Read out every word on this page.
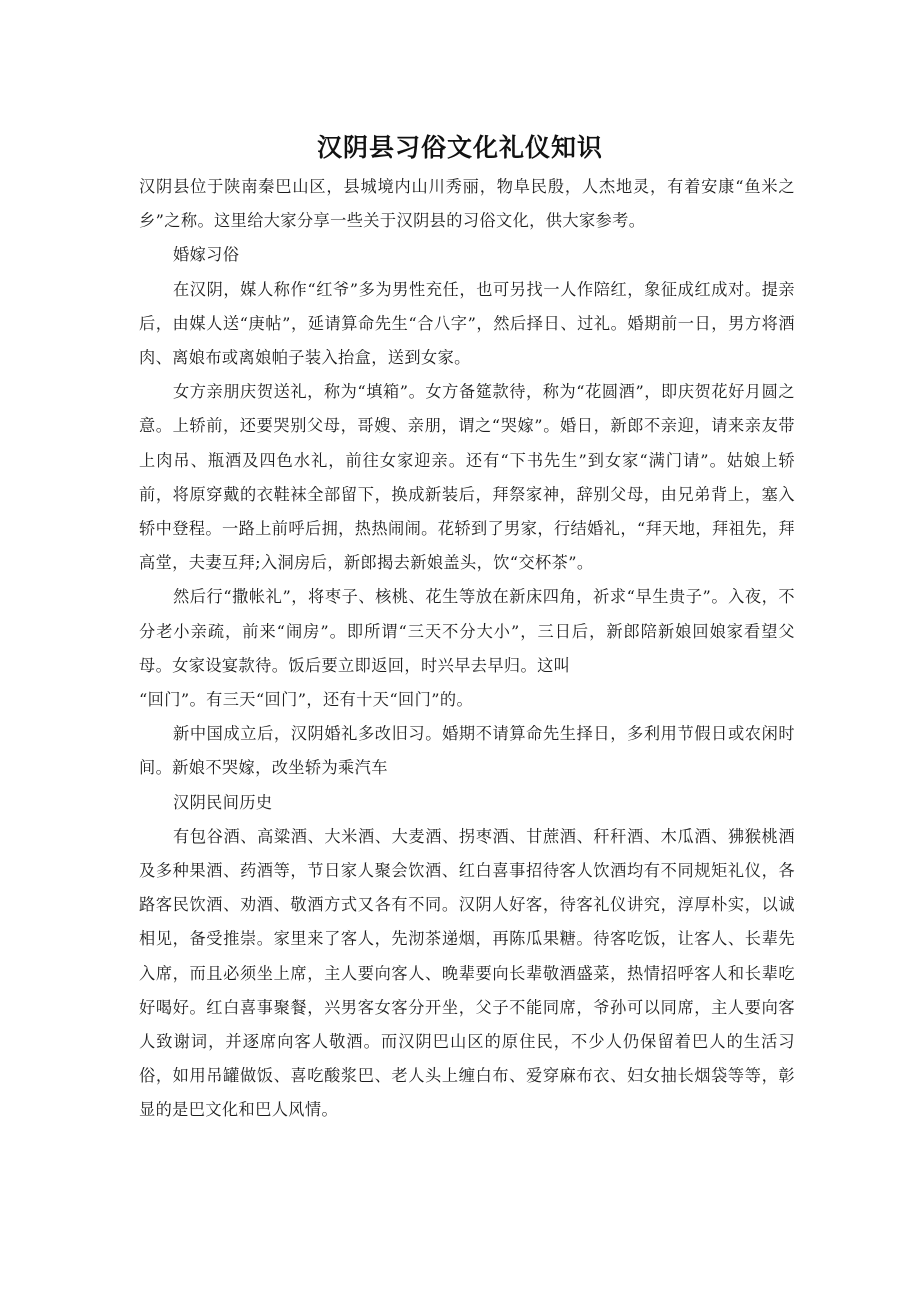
汉阴县习俗文化礼仪知识

汉阴县位于陕南秦巴山区，县城境内山川秀丽，物阜民殷，人杰地灵，有着安康“鱼米之乡”之称。这里给大家分享一些关于汉阴县的习俗文化，供大家参考。

婚嫁习俗

在汉阴，媒人称作“红爷”多为男性充任，也可另找一人作陪红，象征成红成对。提亲后，由媒人送“庚帖”，延请算命先生“合八字”，然后择日、过礼。婚期前一日，男方将酒肉、离娘布或离娘帕子装入抬盒，送到女家。

女方亲朋庆贺送礼，称为“填箱”。女方备筵款待，称为“花圆酒”，即庆贺花好月圆之意。上轿前，还要哭别父母，哥嫂、亲朋，谓之“哭嫁”。婚日，新郎不亲迎，请来亲友带上肉吊、瓶酒及四色水礼，前往女家迎亲。还有“下书先生”到女家“满门请”。姑娘上轿前，将原穿戴的衣鞋袜全部留下，换成新装后，拜祭家神，辞别父母，由兄弟背上，塞入轿中登程。一路上前呼后拥，热热闹闹。花轿到了男家，行结婚礼，“拜天地，拜祖先，拜高堂，夫妻互拜;入洞房后，新郎揭去新娘盖头，饮“交杯茶”。

然后行“撒帐礼”，将枣子、核桃、花生等放在新床四角，祈求“早生贵子”。入夜，不分老小亲疏，前来“闹房”。即所谓“三天不分大小”，三日后，新郎陪新娘回娘家看望父母。女家设宴款待。饭后要立即返回，时兴早去早归。这叫

“回门”。有三天“回门”，还有十天“回门”的。

新中国成立后，汉阴婚礼多改旧习。婚期不请算命先生择日，多利用节假日或农闲时间。新娘不哭嫁，改坐轿为乘汽车

汉阴民间历史

有包谷酒、高粱酒、大米酒、大麦酒、拐枣酒、甘蔗酒、秆秆酒、木瓜酒、狒猴桃酒及多种果酒、药酒等，节日家人聚会饮酒、红白喜事招待客人饮酒均有不同规矩礼仪，各路客民饮酒、劝酒、敬酒方式又各有不同。汉阴人好客，待客礼仪讲究，淳厚朴实，以诚相见，备受推崇。家里来了客人，先沏茶递烟，再陈瓜果糖。待客吃饭，让客人、长辈先入席，而且必须坐上席，主人要向客人、晚辈要向长辈敬酒盛菜，热情招呼客人和长辈吃好喝好。红白喜事聚餐，兴男客女客分开坐，父子不能同席，爷孙可以同席，主人要向客人致谢词，并逐席向客人敬酒。而汉阴巴山区的原住民，不少人仍保留着巴人的生活习俗，如用吊罐做饭、喜吃酸浆巴、老人头上缠白布、爱穿麻布衣、妇女抽长烟袋等等，彰显的是巴文化和巴人风情。
